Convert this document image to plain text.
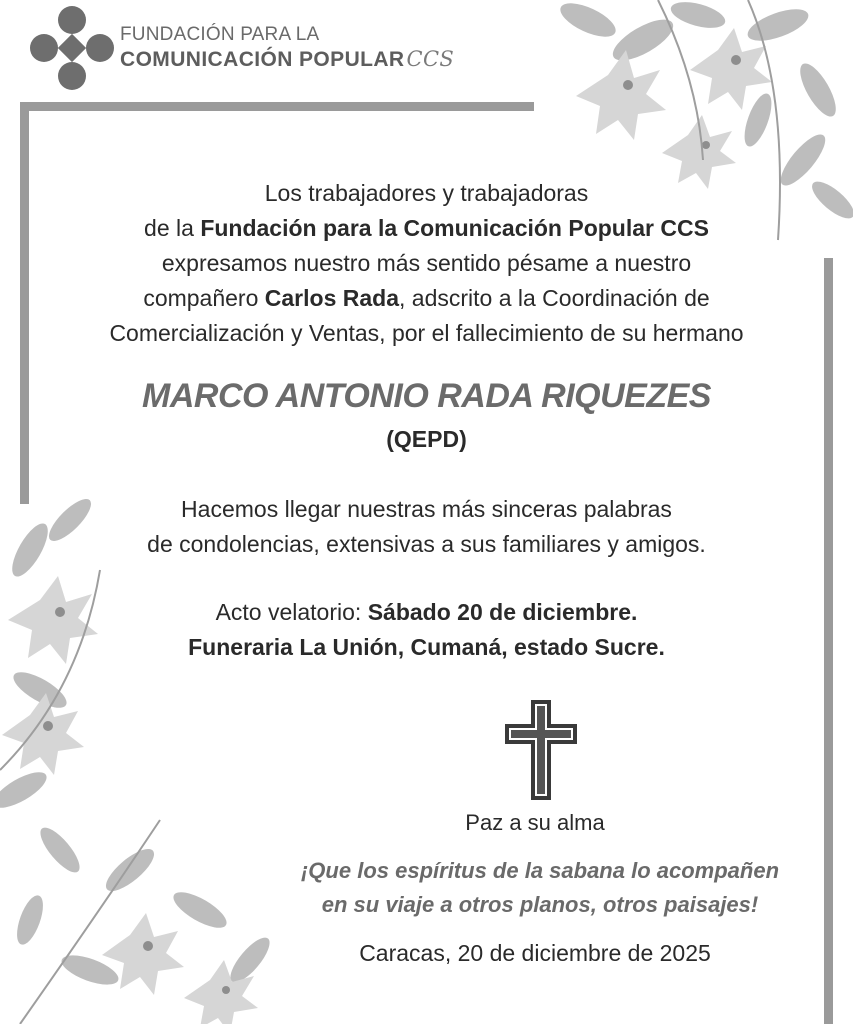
FUNDACIÓN PARA LA
COMUNICACIÓN POPULARCCS
Los trabajadores y trabajadoras
de la Fundación para la Comunicación Popular CCS
expresamos nuestro más sentido pésame a nuestro
compañero Carlos Rada, adscrito a la Coordinación de
Comercialización y Ventas, por el fallecimiento de su hermano
MARCO ANTONIO RADA RIQUEZES
(QEPD)
Hacemos llegar nuestras más sinceras palabras
de condolencias, extensivas a sus familiares y amigos.
Acto velatorio: Sábado 20 de diciembre.
Funeraria La Unión, Cumaná, estado Sucre.
Paz a su alma
¡Que los espíritus de la sabana lo acompañen
en su viaje a otros planos, otros paisajes!
Caracas, 20 de diciembre de 2025
